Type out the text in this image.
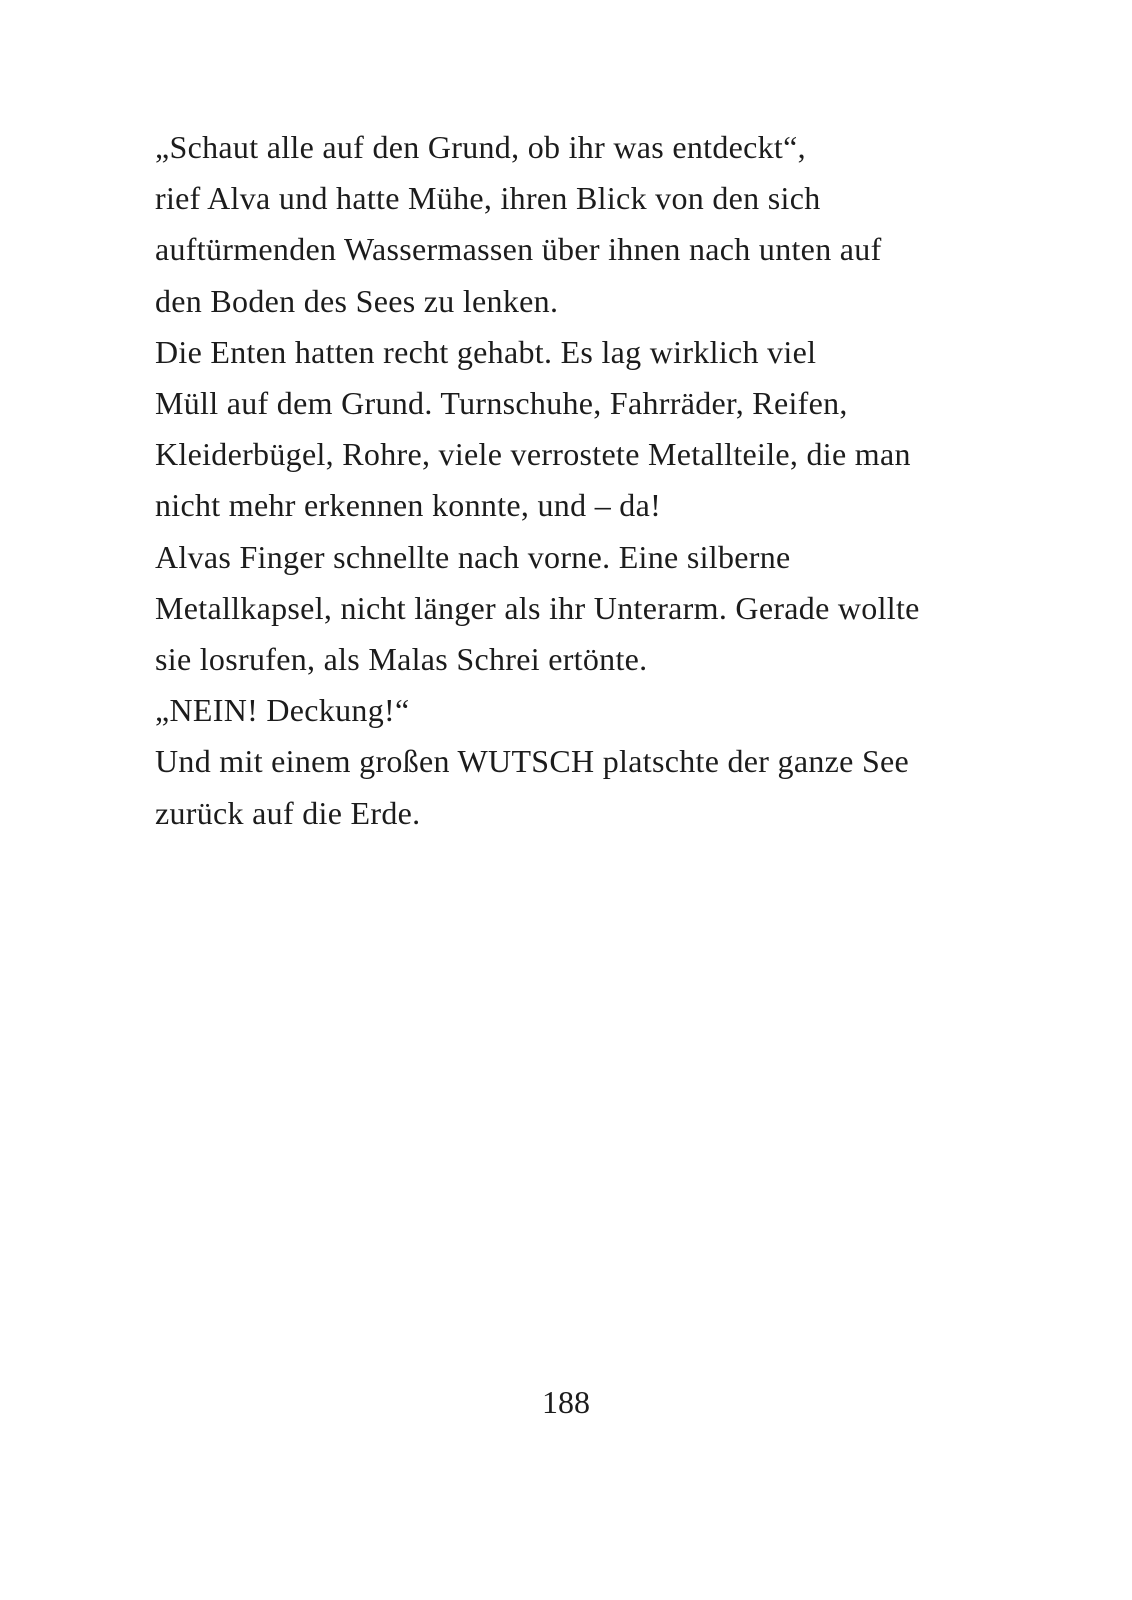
„Schaut alle auf den Grund, ob ihr was entdeckt“,
rief Alva und hatte Mühe, ihren Blick von den sich
auftürmenden Wassermassen über ihnen nach unten auf
den Boden des Sees zu lenken.
Die Enten hatten recht gehabt. Es lag wirklich viel
Müll auf dem Grund. Turnschuhe, Fahrräder, Reifen,
Kleiderbügel, Rohre, viele verrostete Metallteile, die man
nicht mehr erkennen konnte, und – da!
Alvas Finger schnellte nach vorne. Eine silberne
Metallkapsel, nicht länger als ihr Unterarm. Gerade wollte
sie losrufen, als Malas Schrei ertönte.
„NEIN! Deckung!“
Und mit einem großen WUTSCH platschte der ganze See
zurück auf die Erde.
188
